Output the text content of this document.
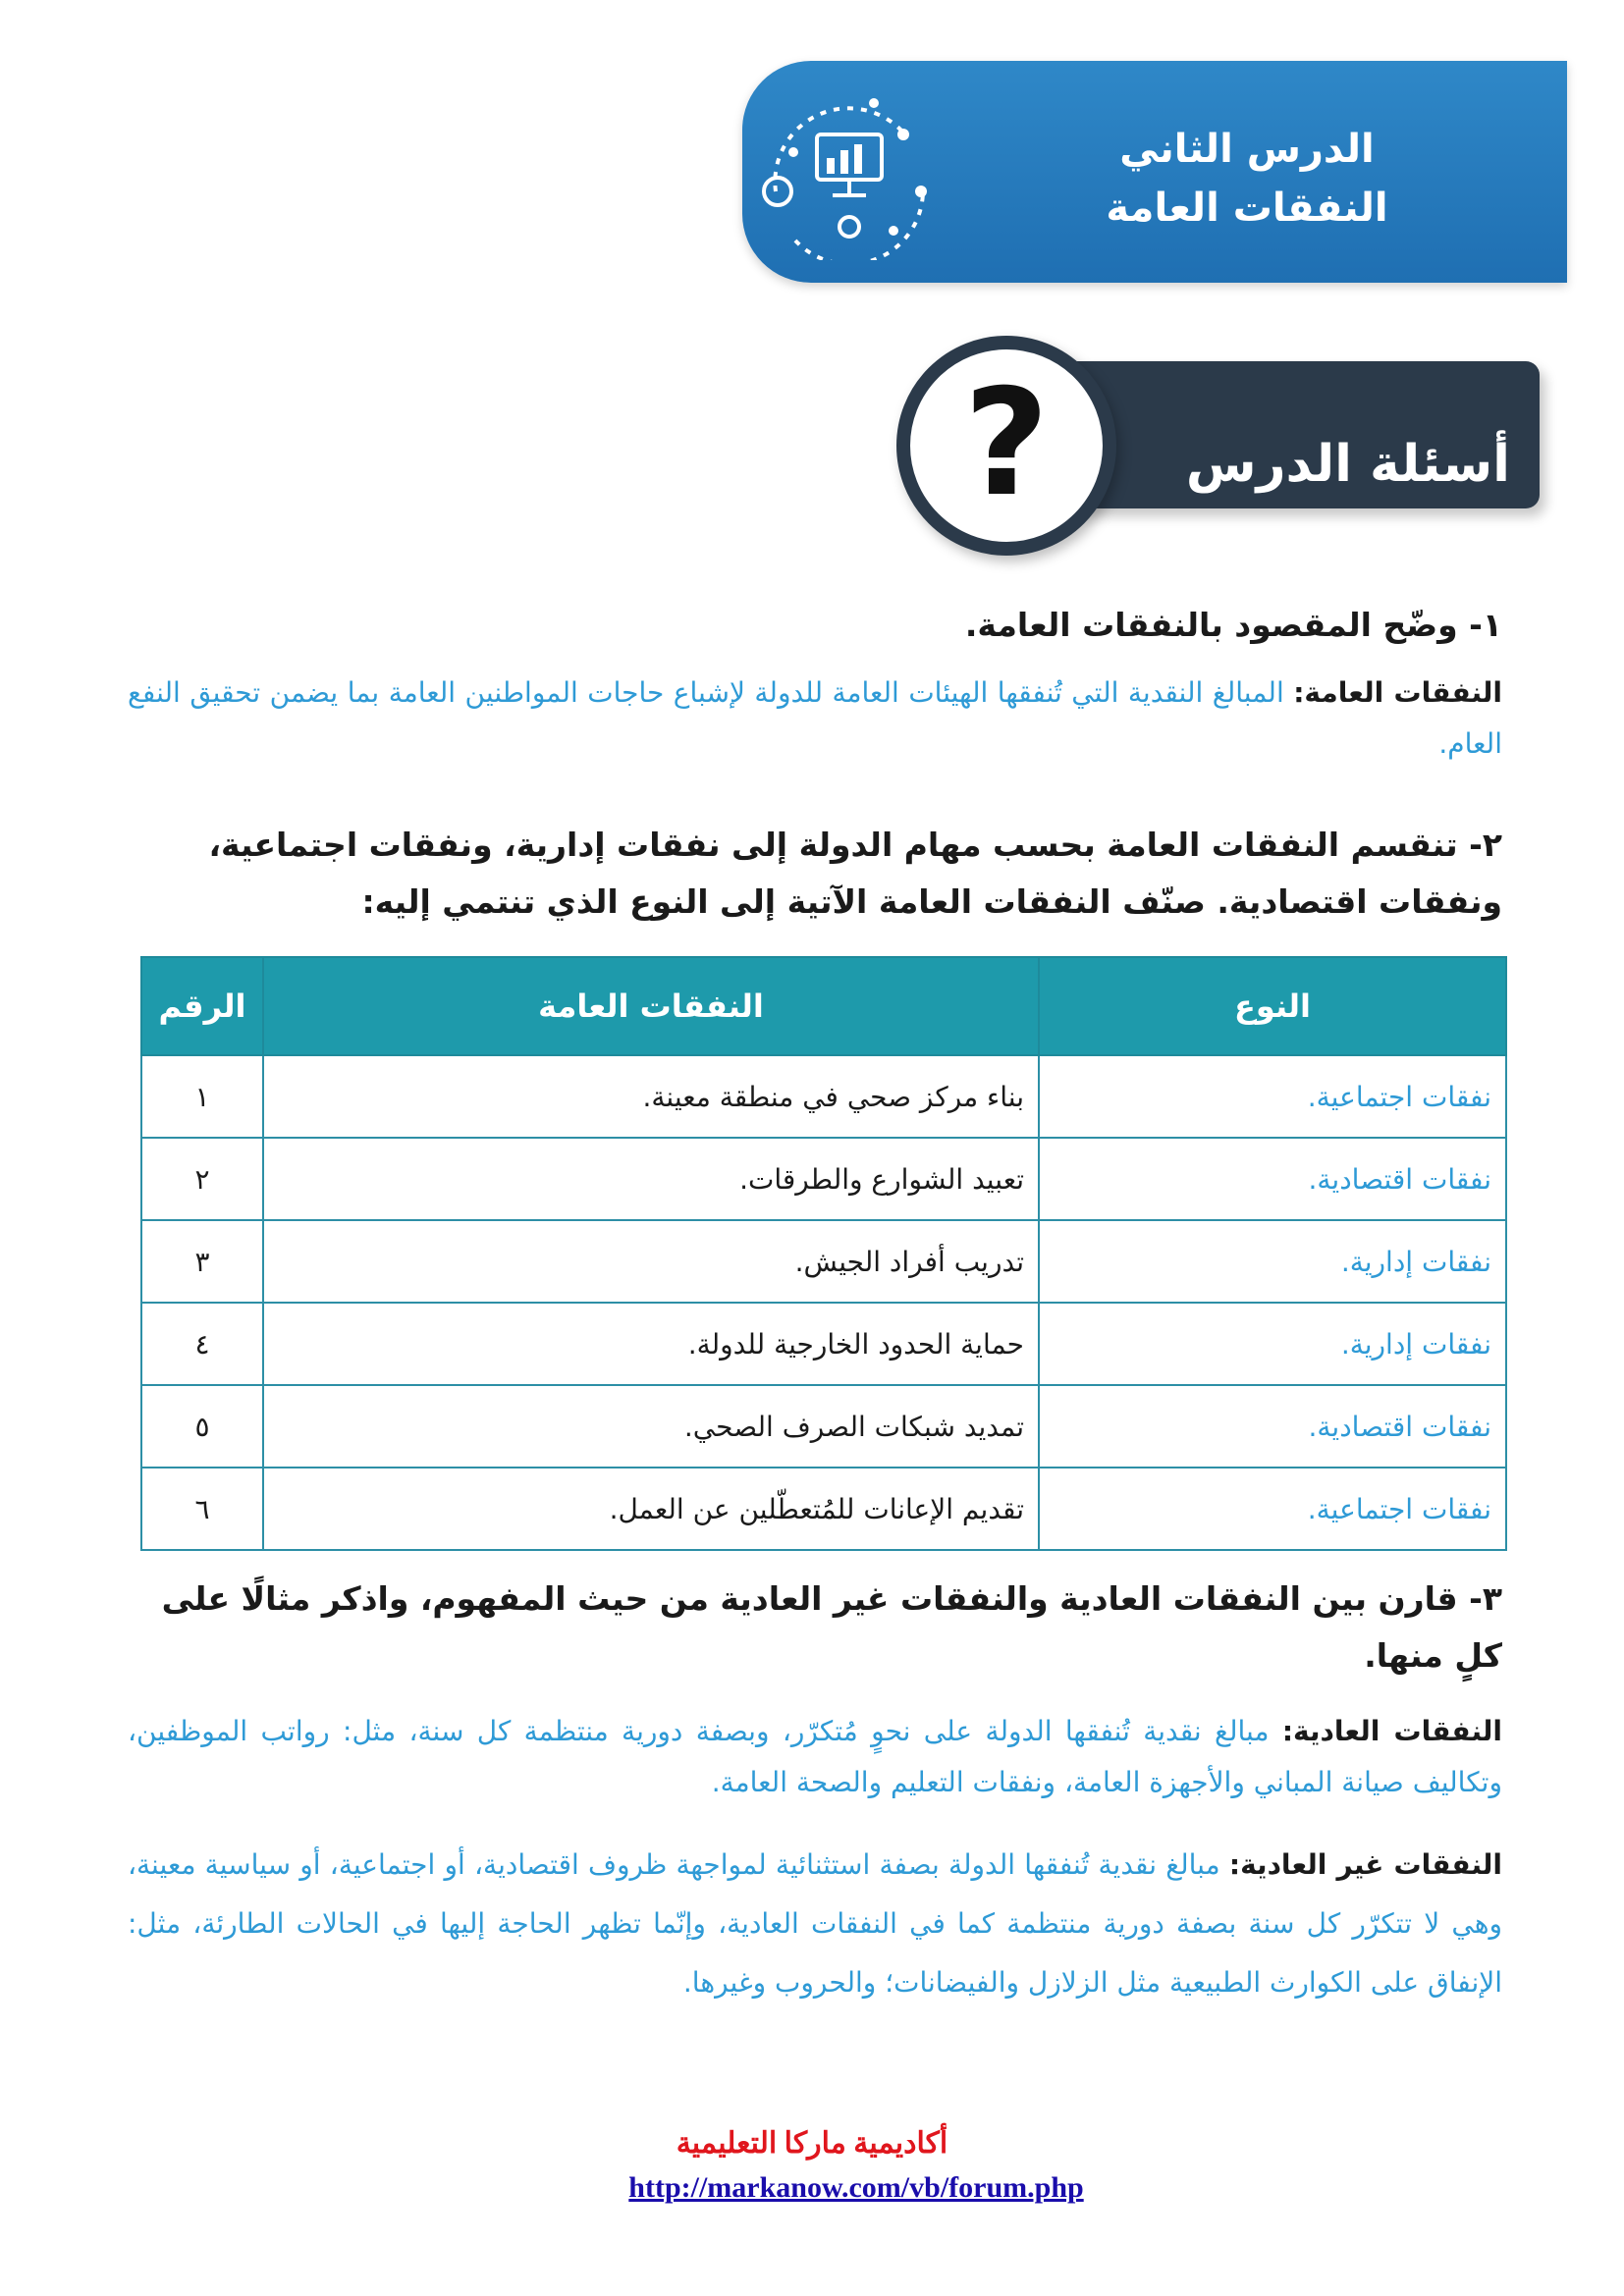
الدرس الثاني
النفقات العامة
أسئلة الدرس
?
١- وضّح المقصود بالنفقات العامة.
النفقات العامة: المبالغ النقدية التي تُنفقها الهيئات العامة للدولة لإشباع حاجات المواطنين العامة بما يضمن تحقيق النفع العام.
٢- تنقسم النفقات العامة بحسب مهام الدولة إلى نفقات إدارية، ونفقات اجتماعية، ونفقات اقتصادية. صنّف النفقات العامة الآتية إلى النوع الذي تنتمي إليه:
النوع	النفقات العامة	الرقم
نفقات اجتماعية.	بناء مركز صحي في منطقة معينة.	١
نفقات اقتصادية.	تعبيد الشوارع والطرقات.	٢
نفقات إدارية.	تدريب أفراد الجيش.	٣
نفقات إدارية.	حماية الحدود الخارجية للدولة.	٤
نفقات اقتصادية.	تمديد شبكات الصرف الصحي.	٥
نفقات اجتماعية.	تقديم الإعانات للمُتعطّلين عن العمل.	٦
٣- قارن بين النفقات العادية والنفقات غير العادية من حيث المفهوم، واذكر مثالًا على كلٍ منها.
النفقات العادية: مبالغ نقدية تُنفقها الدولة على نحوٍ مُتكرّر، وبصفة دورية منتظمة كل سنة، مثل: رواتب الموظفين، وتكاليف صيانة المباني والأجهزة العامة، ونفقات التعليم والصحة العامة.
النفقات غير العادية: مبالغ نقدية تُنفقها الدولة بصفة استثنائية لمواجهة ظروف اقتصادية، أو اجتماعية، أو سياسية معينة، وهي لا تتكرّر كل سنة بصفة دورية منتظمة كما في النفقات العادية، وإنّما تظهر الحاجة إليها في الحالات الطارئة، مثل: الإنفاق على الكوارث الطبيعية مثل الزلازل والفيضانات؛ والحروب وغيرها.
أكاديمية ماركا التعليمية
http://markanow.com/vb/forum.php
